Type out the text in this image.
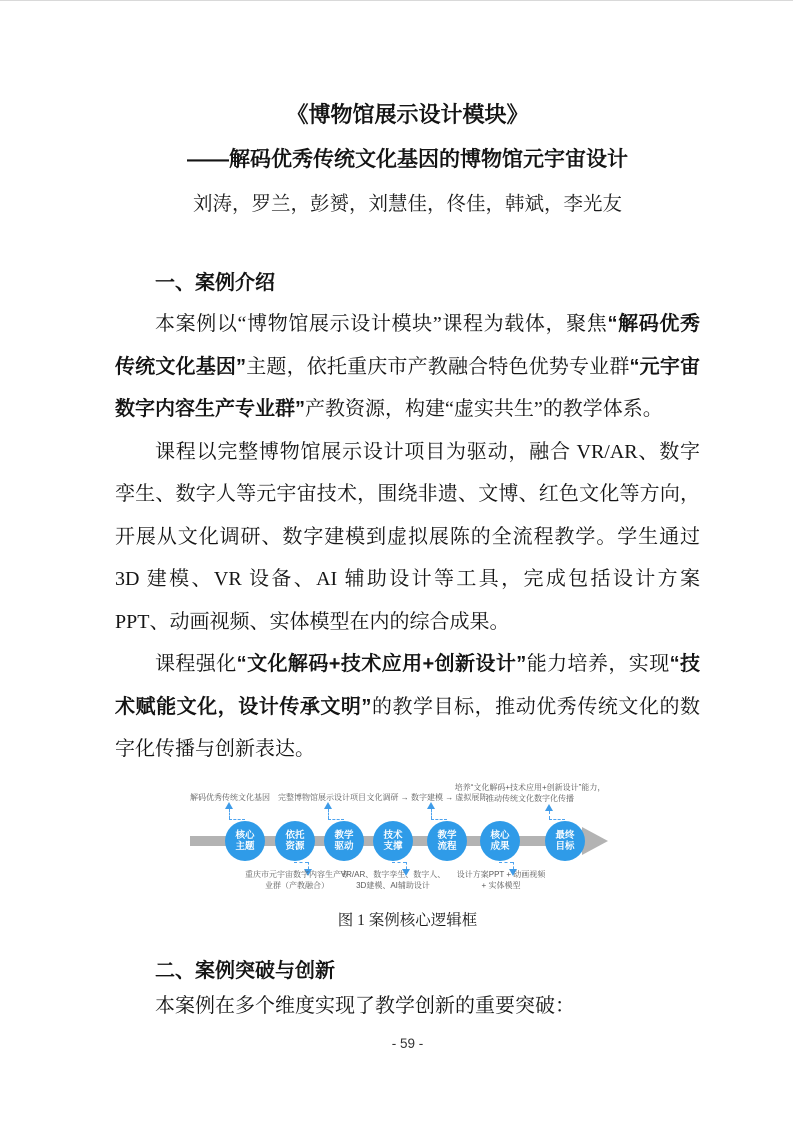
《博物馆展示设计模块》
——解码优秀传统文化基因的博物馆元宇宙设计
刘涛，罗兰，彭赟，刘慧佳，佟佳，韩斌，李光友
一、案例介绍

本案例以“博物馆展示设计模块”课程为载体，聚焦“解码优秀传统文化基因”主题，依托重庆市产教融合特色优势专业群“元宇宙数字内容生产专业群”产教资源，构建“虚实共生”的教学体系。

课程以完整博物馆展示设计项目为驱动，融合 VR/AR、数字孪生、数字人等元宇宙技术，围绕非遗、文博、红色文化等方向，开展从文化调研、数字建模到虚拟展陈的全流程教学。学生通过 3D 建模、VR 设备、AI 辅助设计等工具，完成包括设计方案 PPT、动画视频、实体模型在内的综合成果。

课程强化“文化解码+技术应用+创新设计”能力培养，实现“技术赋能文化，设计传承文明”的教学目标，推动优秀传统文化的数字化传播与创新表达。

解码优秀传统文化基因
核心主题
重庆市元宇宙数字内容生产专业群（产教融合）
依托资源
完整博物馆展示设计项目
教学驱动
VR/AR、数字孪生、数字人、3D建模、AI辅助设计
技术支撑
文化调研 → 数字建模 → 虚拟展陈
教学流程
设计方案PPT + 动画视频 + 实体模型
核心成果
培养“文化解码+技术应用+创新设计”能力，推动传统文化数字化传播
最终目标
图 1 案例核心逻辑框
二、案例突破与创新

本案例在多个维度实现了教学创新的重要突破：

- 59 -
